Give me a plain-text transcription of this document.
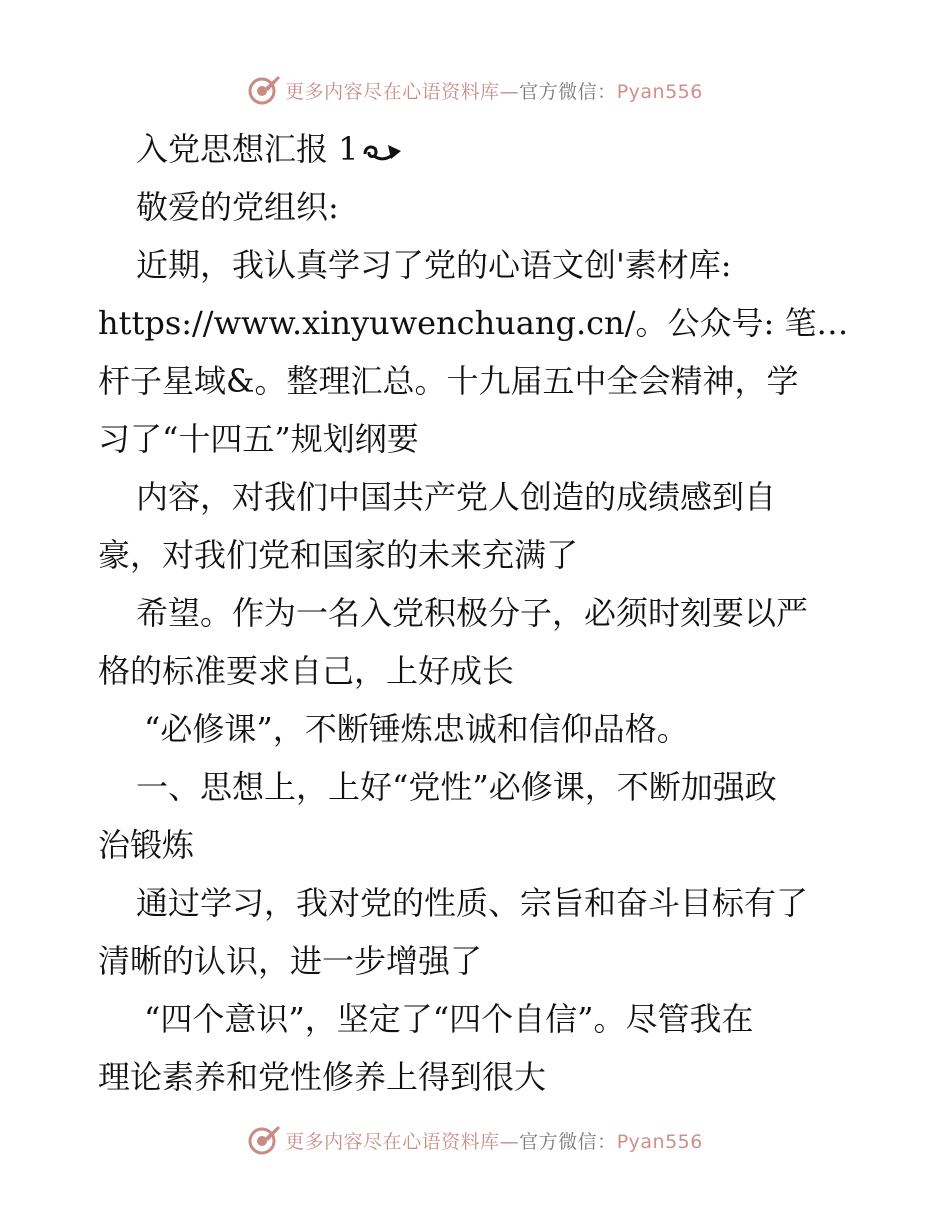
更多内容尽在心语资料库—官方微信：Pyan556
入党思想汇报 1
敬爱的党组织:
近期，我认真学习了党的心语文创'素材库:
https://www.xinyuwenchuang.cn/。公众号: 笔…
杆子星域&。整理汇总。十九届五中全会精神，学
习了“十四五”规划纲要
内容，对我们中国共产党人创造的成绩感到自
豪，对我们党和国家的未来充满了
希望。作为一名入党积极分子，必须时刻要以严
格的标准要求自己，上好成长
“必修课”，不断锤炼忠诚和信仰品格。
一、思想上，上好“党性”必修课，不断加强政
治锻炼
通过学习，我对党的性质、宗旨和奋斗目标有了
清晰的认识，进一步增强了
“四个意识”，坚定了“四个自信”。尽管我在
理论素养和党性修养上得到很大
更多内容尽在心语资料库—官方微信：Pyan556
